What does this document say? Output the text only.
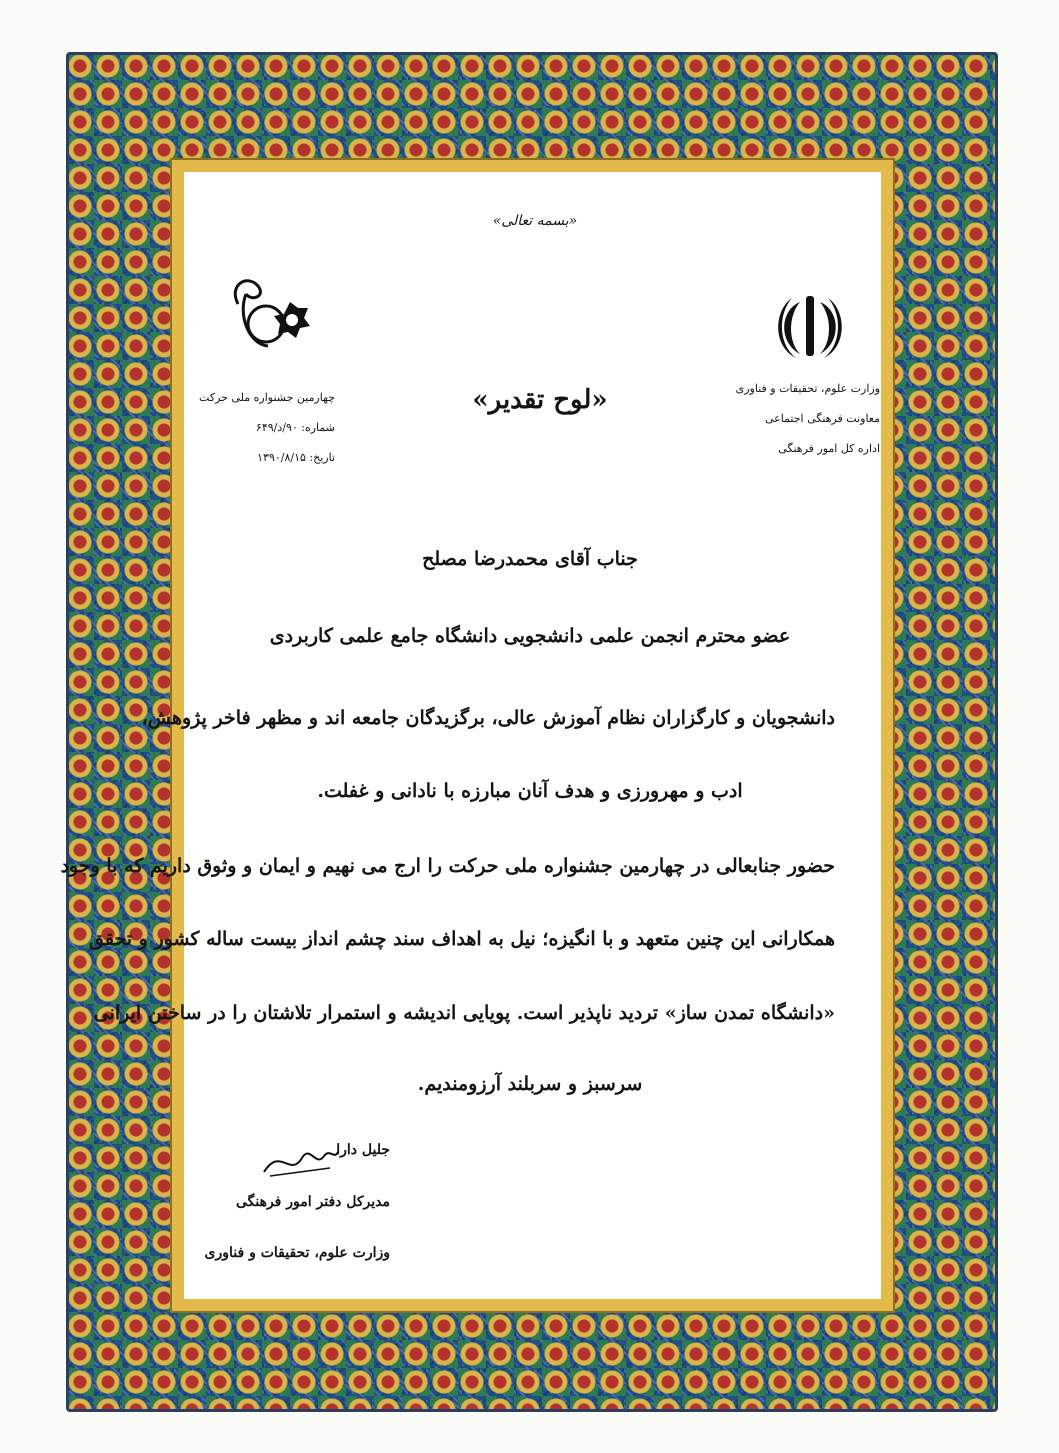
«بسمه تعالی»
وزارت علوم، تحقیقات و فناوری
معاونت فرهنگی اجتماعی
اداره کل امور فرهنگی
چهارمین جشنواره ملی حرکت
شماره: ۹۰/د/۶۴۹
تاریخ: ۱۳۹۰/۸/۱۵
«لوح تقدیر»
جناب آقای محمدرضا مصلح
عضو محترم انجمن علمی دانشجویی دانشگاه جامع علمی کاربردی
دانشجویان و کارگزاران نظام آموزش عالی، برگزیدگان جامعه اند و مظهر فاخر پژوهش،
ادب و مهرورزی و هدف آنان مبارزه با نادانی و غفلت.
حضور جنابعالی در چهارمین جشنواره ملی حرکت را ارج می نهیم و ایمان و وثوق داریم که با وجود
همکارانی این چنین متعهد و با انگیزه؛ نیل به اهداف سند چشم انداز بیست ساله کشور و تحقق
«دانشگاه تمدن ساز» تردید ناپذیر است. پویایی اندیشه و استمرار تلاشتان را در ساختن ایرانی
سرسبز و سربلند آرزومندیم.
جلیل دارا
مدیرکل دفتر امور فرهنگی
وزارت علوم، تحقیقات و فناوری
